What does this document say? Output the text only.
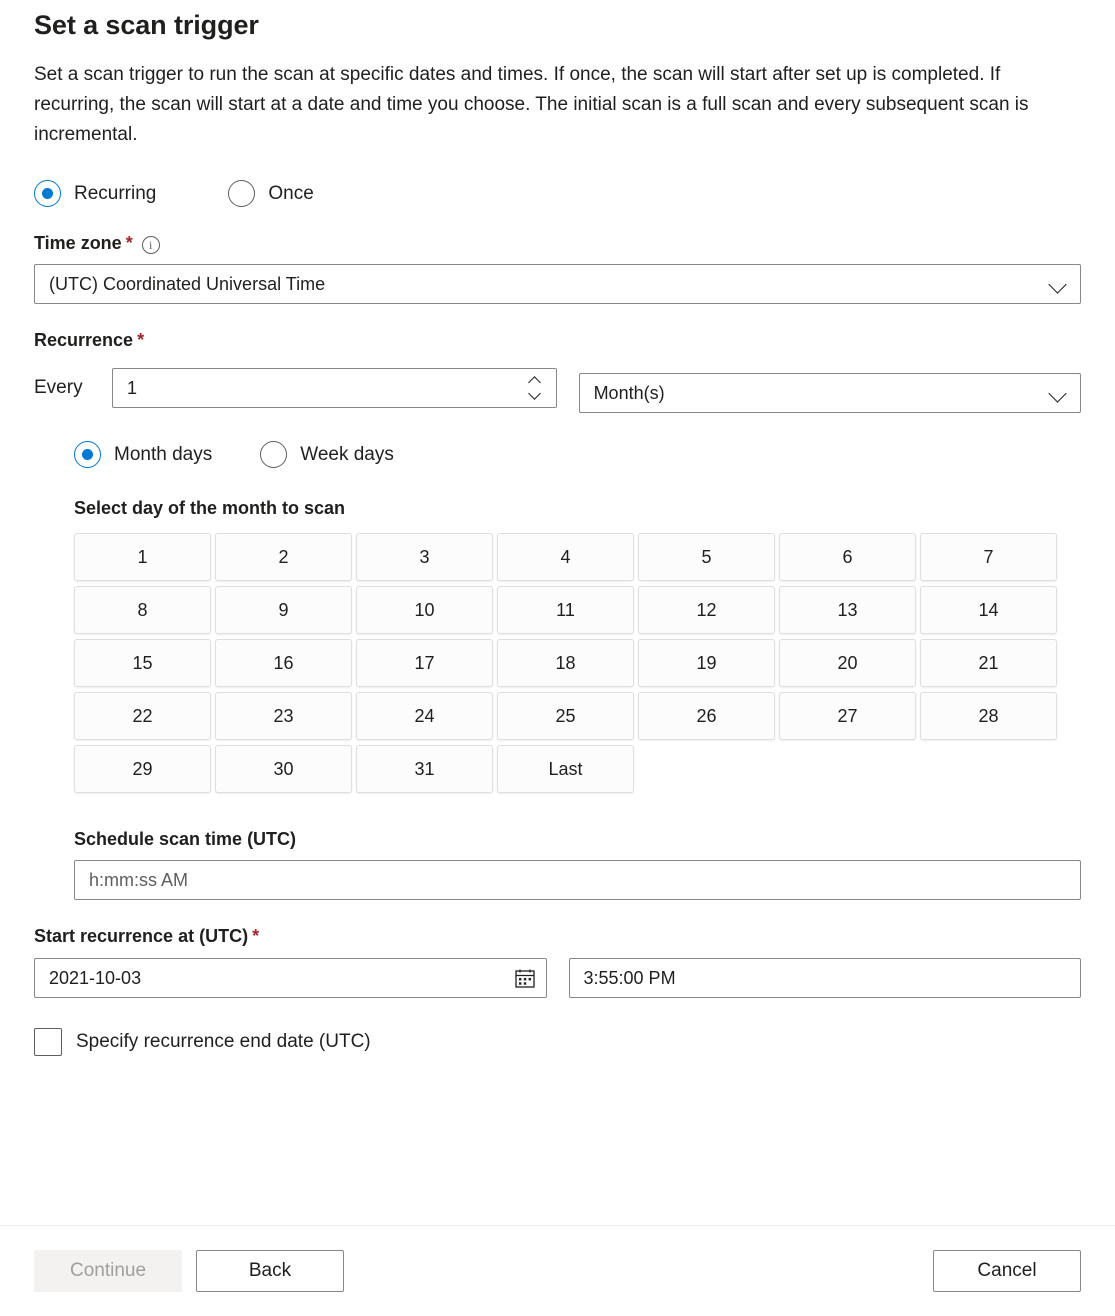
Set a scan trigger

Set a scan trigger to run the scan at specific dates and times. If once, the scan will start after set up is completed. If recurring, the scan will start at a date and time you choose. The initial scan is a full scan and every subsequent scan is incremental.

Recurring	Once
Time zone *	i
(UTC) Coordinated Universal Time
Recurrence *
Every	1	Month(s)
Month days	Week days
Select day of the month to scan
1	2	3	4	5	6	7
8	9	10	11	12	13	14
15	16	17	18	19	20	21
22	23	24	25	26	27	28
29	30	31	Last
Schedule scan time (UTC)
h:mm:ss AM
Start recurrence at (UTC) *
2021-10-03	3:55:00 PM
Specify recurrence end date (UTC)
Continue	Back	Cancel
